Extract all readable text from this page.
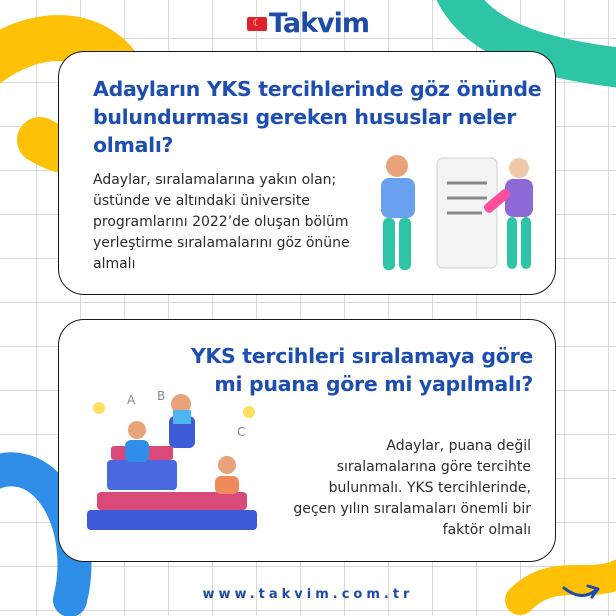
☾ Takvim
Adayların YKS tercihlerinde göz önünde bulundurması gereken hususlar neler olmalı?
Adaylar, sıralamalarına yakın olan; üstünde ve altındaki üniversite programlarını 2022’de oluşan bölüm yerleştirme sıralamalarını göz önüne almalı
YKS tercihleri sıralamaya göre mi puana göre mi yapılmalı?
Adaylar, puana değil sıralamalarına göre tercihte bulunmalı. YKS tercihlerinde, geçen yılın sıralamaları önemli bir faktör olmalı
A B
C
www.takvim.com.tr
